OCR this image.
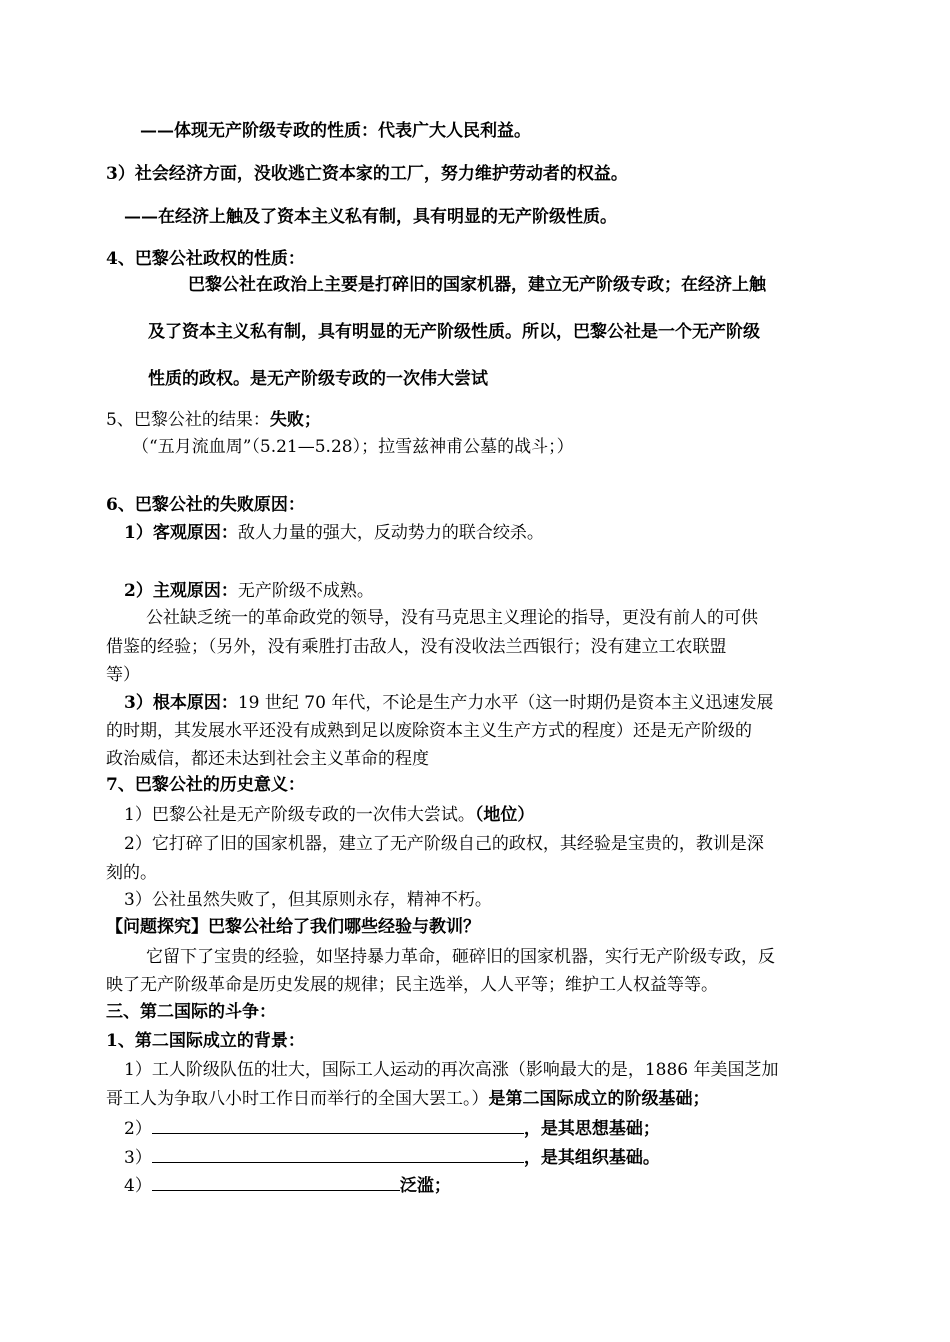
——体现无产阶级专政的性质：代表广大人民利益。
3）社会经济方面，没收逃亡资本家的工厂，努力维护劳动者的权益。
——在经济上触及了资本主义私有制，具有明显的无产阶级性质。
4、巴黎公社政权的性质：
巴黎公社在政治上主要是打碎旧的国家机器，建立无产阶级专政；在经济上触
及了资本主义私有制，具有明显的无产阶级性质。所以，巴黎公社是一个无产阶级
性质的政权。是无产阶级专政的一次伟大尝试
5、巴黎公社的结果：失败；
（“五月流血周”（5.21—5.28）；拉雪兹神甫公墓的战斗；）
6、巴黎公社的失败原因：
1）客观原因：敌人力量的强大，反动势力的联合绞杀。
2）主观原因：无产阶级不成熟。
公社缺乏统一的革命政党的领导，没有马克思主义理论的指导，更没有前人的可供
借鉴的经验；（另外，没有乘胜打击敌人，没有没收法兰西银行；没有建立工农联盟
等）
3）根本原因：19 世纪 70 年代，不论是生产力水平（这一时期仍是资本主义迅速发展
的时期，其发展水平还没有成熟到足以废除资本主义生产方式的程度）还是无产阶级的
政治威信，都还未达到社会主义革命的程度
7、巴黎公社的历史意义：
1）巴黎公社是无产阶级专政的一次伟大尝试。（地位）
2）它打碎了旧的国家机器，建立了无产阶级自己的政权，其经验是宝贵的，教训是深
刻的。
3）公社虽然失败了，但其原则永存，精神不朽。
【问题探究】巴黎公社给了我们哪些经验与教训？
它留下了宝贵的经验，如坚持暴力革命，砸碎旧的国家机器，实行无产阶级专政，反
映了无产阶级革命是历史发展的规律；民主选举，人人平等；维护工人权益等等。
三、第二国际的斗争：
1、第二国际成立的背景：
1）工人阶级队伍的壮大，国际工人运动的再次高涨（影响最大的是，1886 年美国芝加
哥工人为争取八小时工作日而举行的全国大罢工。）是第二国际成立的阶级基础；
2）	，是其思想基础；
3）	，是其组织基础。
4）	泛滥；
